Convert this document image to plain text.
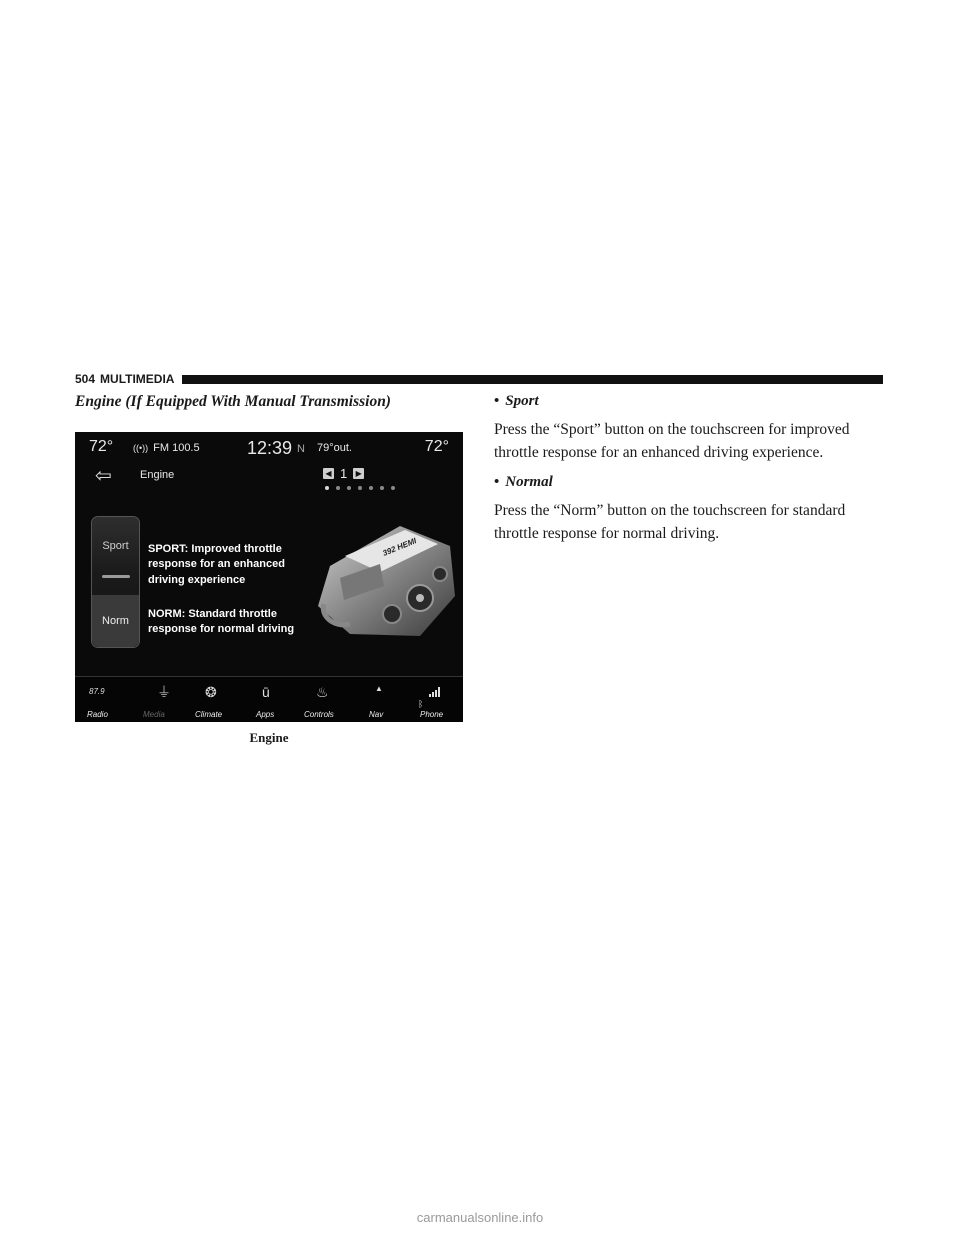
504 MULTIMEDIA
Engine (If Equipped With Manual Transmission)
72° ((•)) FM 100.5	12:39 N 79°out.	72°
⇦	Engine	◀ 1	▶
Sport
Norm
SPORT: Improved throttle response for an enhanced driving experience
NORM: Standard throttle response for normal driving
392 HEMI
87.9
Radio
⏚
Media
❂
Climate
ū
Apps
♨
Controls
▲
Nav
ᛒ
Phone
Engine
• Sport

Press the “Sport” button on the touchscreen for improved throttle response for an enhanced driving experience.

• Normal

Press the “Norm” button on the touchscreen for standard throttle response for normal driving.

carmanualsonline.info
